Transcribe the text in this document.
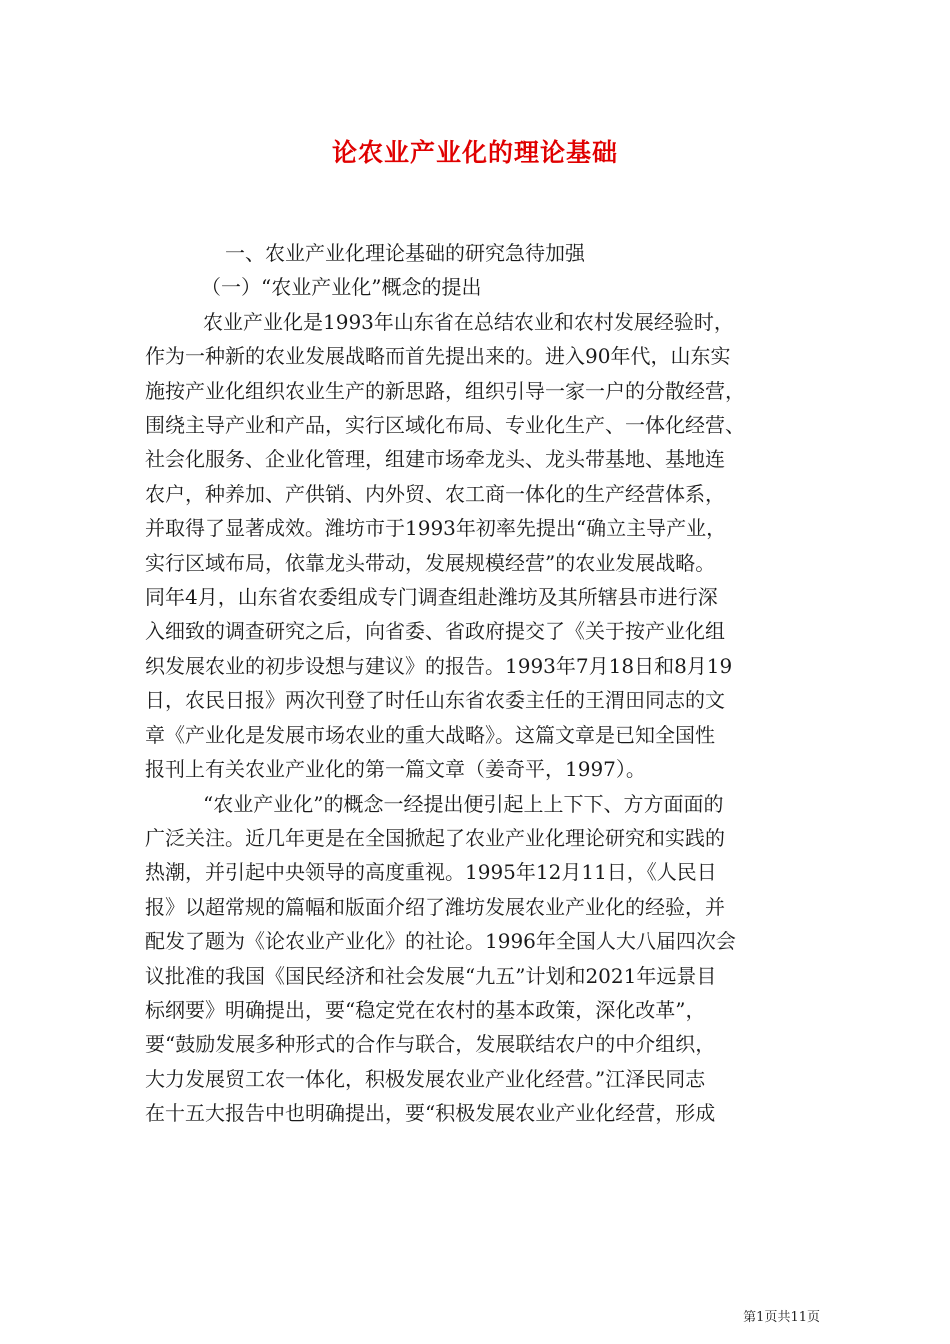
论农业产业化的理论基础
一、农业产业化理论基础的研究急待加强
（一）“农业产业化”概念的提出
农业产业化是1993年山东省在总结农业和农村发展经验时，
作为一种新的农业发展战略而首先提出来的。进入90年代，山东实
施按产业化组织农业生产的新思路，组织引导一家一户的分散经营，
围绕主导产业和产品，实行区域化布局、专业化生产、一体化经营、
社会化服务、企业化管理，组建市场牵龙头、龙头带基地、基地连
农户，种养加、产供销、内外贸、农工商一体化的生产经营体系，
并取得了显著成效。潍坊市于1993年初率先提出“确立主导产业，
实行区域布局，依靠龙头带动，发展规模经营”的农业发展战略。
同年4月，山东省农委组成专门调查组赴潍坊及其所辖县市进行深
入细致的调查研究之后，向省委、省政府提交了《关于按产业化组
织发展农业的初步设想与建议》的报告。1993年7月18日和8月19
日，农民日报》两次刊登了时任山东省农委主任的王渭田同志的文
章《产业化是发展市场农业的重大战略》。这篇文章是已知全国性
报刊上有关农业产业化的第一篇文章（姜奇平，1997）。
“农业产业化”的概念一经提出便引起上上下下、方方面面的
广泛关注。近几年更是在全国掀起了农业产业化理论研究和实践的
热潮，并引起中央领导的高度重视。1995年12月11日，《人民日
报》以超常规的篇幅和版面介绍了潍坊发展农业产业化的经验，并
配发了题为《论农业产业化》的社论。1996年全国人大八届四次会
议批准的我国《国民经济和社会发展“九五”计划和2021年远景目
标纲要》明确提出，要“稳定党在农村的基本政策，深化改革”，
要“鼓励发展多种形式的合作与联合，发展联结农户的中介组织，
大力发展贸工农一体化，积极发展农业产业化经营。”江泽民同志
在十五大报告中也明确提出，要“积极发展农业产业化经营，形成
第1页共11页
